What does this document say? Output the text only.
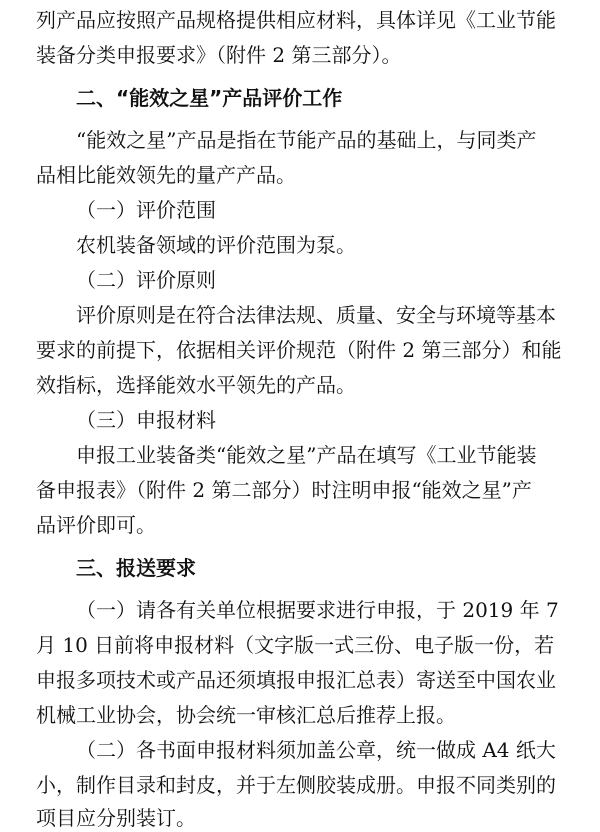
列产品应按照产品规格提供相应材料，具体详见《工业节能
装备分类申报要求》（附件 2 第三部分）。
二、“能效之星”产品评价工作
“能效之星”产品是指在节能产品的基础上，与同类产
品相比能效领先的量产产品。
（一）评价范围
农机装备领域的评价范围为泵。
（二）评价原则
评价原则是在符合法律法规、质量、安全与环境等基本
要求的前提下，依据相关评价规范（附件 2 第三部分）和能
效指标，选择能效水平领先的产品。
（三）申报材料
申报工业装备类“能效之星”产品在填写《工业节能装
备申报表》（附件 2 第二部分）时注明申报“能效之星”产
品评价即可。
三、报送要求
（一）请各有关单位根据要求进行申报，于 2019 年 7
月 10 日前将申报材料（文字版一式三份、电子版一份，若
申报多项技术或产品还须填报申报汇总表）寄送至中国农业
机械工业协会，协会统一审核汇总后推荐上报。
（二）各书面申报材料须加盖公章，统一做成 A4 纸大
小，制作目录和封皮，并于左侧胶装成册。申报不同类别的
项目应分别装订。
